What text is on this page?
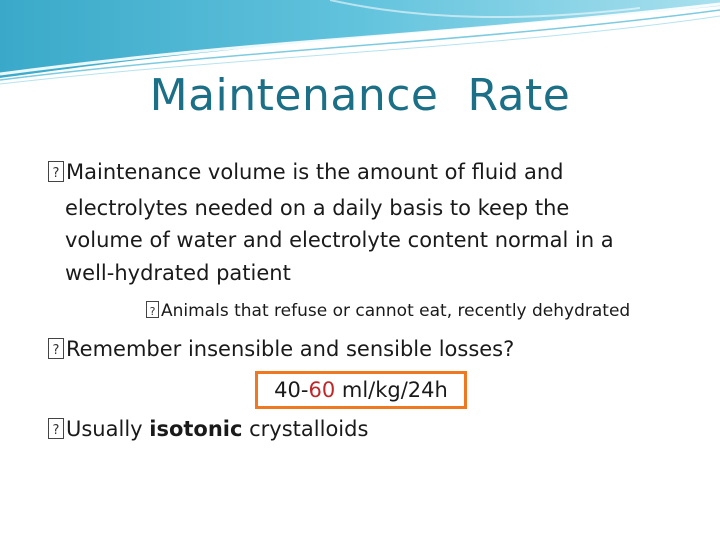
Maintenance  Rate
?Maintenance volume is the amount of fluid and
electrolytes needed on a daily basis to keep the
volume of water and electrolyte content normal in a
well-hydrated patient
?Animals that refuse or cannot eat, recently dehydrated
?Remember insensible and sensible losses?
40-60 ml/kg/24h
?Usually isotonic crystalloids
